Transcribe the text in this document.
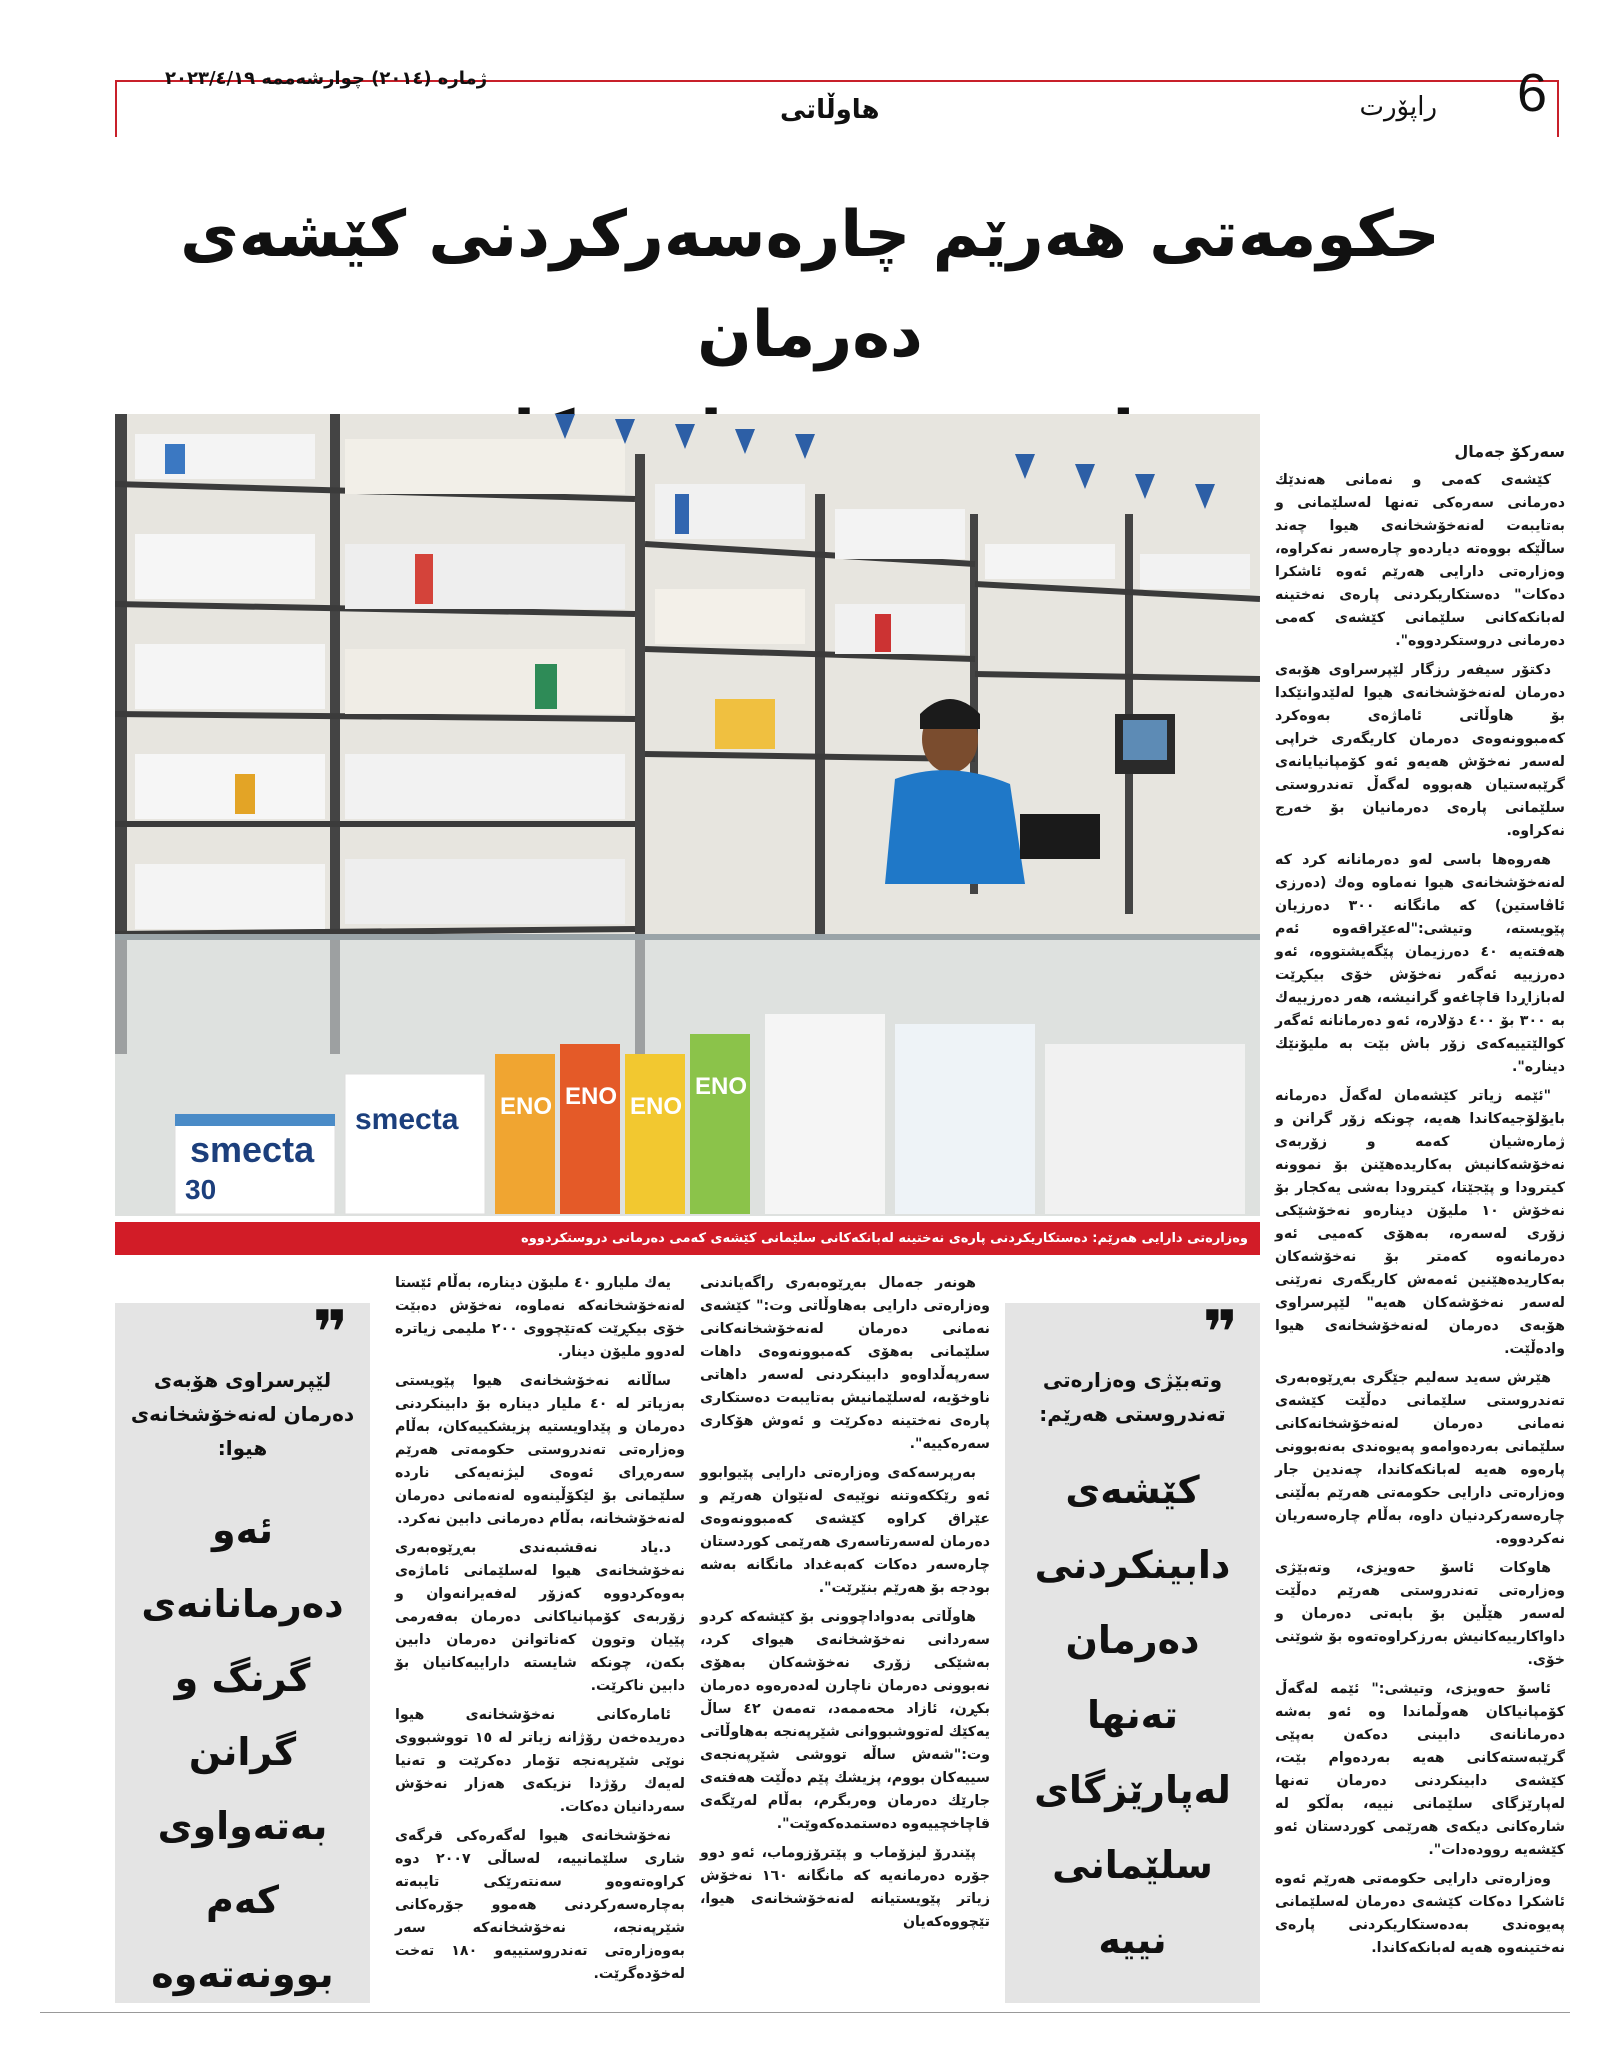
6
راپۆرت
هاوڵاتی
ژمارە (٢٠١٤) چوارشەممە ٢٠٢٣/٤/١٩
حکومەتی هەرێم چارەسەرکردنی کێشەی دەرمان
smecta
30
smecta ENO ENO ENO
ENO
وەزارەتی دارایی هەرێم: دەستکاریکردنی پارەی نەختینە لەبانکەکانی سلێمانی کێشەی کەمی دەرمانی دروستکردووە

سەرکۆ جەمال

کێشەی کەمی و نەمانی هەندێك دەرمانی سەرەکی تەنها لەسلێمانی و بەتایبەت لەنەخۆشخانەی هیوا چەند ساڵێکە بووەتە دیاردەو چارەسەر نەکراوە، وەزارەتی دارایی هەرێم ئەوە ئاشکرا دەکات" دەستکاریکردنی پارەی نەختینە لەبانکەکانی سلێمانی کێشەی کەمی دەرمانی دروستکردووە".

دکتۆر سیفەر رزگار لێپرسراوی هۆبەی دەرمان لەنەخۆشخانەی هیوا لەلێدوانێکدا بۆ هاوڵاتی ئاماژەی بەوەکرد کەمبوونەوەی دەرمان کاریگەری خراپی لەسەر نەخۆش هەیەو ئەو کۆمپانیایانەی گرێبەستیان هەبووە لەگەڵ تەندروستی سلێمانی پارەی دەرمانیان بۆ خەرج نەکراوە.

هەروەها باسی لەو دەرمانانە کرد کە لەنەخۆشخانەی هیوا نەماوە وەك (دەرزی ئاڤاستین) کە مانگانە ٣٠٠ دەرزیان پێویستە، وتیشی:"لەعێراقەوە ئەم هەفتەیە ٤٠ دەرزیمان پێگەیشتووە، ئەو دەرزییە ئەگەر نەخۆش خۆی بیکڕێت لەبازاڕدا قاچاغەو گرانیشە، هەر دەرزییەك بە ٣٠٠ بۆ ٤٠٠ دۆلارە، ئەو دەرمانانە ئەگەر کوالێتییەکەی زۆر باش بێت بە ملیۆنێك دینارە".

"ئێمە زیاتر کێشەمان لەگەڵ دەرمانە بایۆلۆجیەکاندا هەیە، چونکە زۆر گرانن و ژمارەشیان کەمە و زۆربەی نەخۆشەکانیش بەکاریدەهێنن بۆ نموونە کیترودا و پێجێتا، کیترودا بەشی یەکجار بۆ نەخۆش ١٠ ملیۆن دینارەو نەخۆشێکی زۆری لەسەرە، بەهۆی کەمیی ئەو دەرمانەوە کەمتر بۆ نەخۆشەکان بەکاریدەهێنین ئەمەش کاریگەری نەرێنی لەسەر نەخۆشەکان هەیە" لێپرسراوی هۆبەی دەرمان لەنەخۆشخانەی هیوا وادەڵێت.

هێرش سەید سەلیم جێگری بەڕێوەبەری تەندروستی سلێمانی دەڵێت کێشەی نەمانی دەرمان لەنەخۆشخانەکانی سلێمانی بەردەوامەو پەیوەندی بەنەبوونی پارەوە هەیە لەبانکەکاندا، چەندین جار وەزارەتی دارایی حکومەتی هەرێم بەڵێنی چارەسەرکردنیان داوە، بەڵام چارەسەریان نەکردووە.

هاوکات ئاسۆ حەویزی، وتەبێژی وەزارەتی تەندروستی هەرێم دەڵێت لەسەر هێڵین بۆ بابەتی دەرمان و داواکارییەکانیش بەرزکراوەتەوە بۆ شوێنی خۆی.

ئاسۆ حەویزی، وتیشی:" ئێمە لەگەڵ کۆمپانیاکان هەوڵماندا وە ئەو بەشە دەرمانانەی دابینی دەکەن بەپێی گرێبەستەکانی هەیە بەردەوام بێت، کێشەی دابینکردنی دەرمان تەنها لەپارێزگای سلێمانی نییە، بەڵکو لە شارەکانی دیکەی هەرێمی کوردستان ئەو کێشەیە روودەدات".

وەزارەتی دارایی حکومەتی هەرێم ئەوە ئاشکرا دەکات کێشەی دەرمان لەسلێمانی پەیوەندی بەدەستکاریکردنی پارەی نەختینەوە هەیە لەبانکەکاندا.

❞
وتەبێژی وەزارەتی تەندروستی هەرێم:
کێشەی
دابینکردنی
دەرمان
تەنها
لەپارێزگای
سلێمانی
نییە

هونەر جەمال بەڕێوەبەری راگەیاندنی وەزارەتی دارایی بەهاوڵاتی وت:" کێشەی نەمانی دەرمان لەنەخۆشخانەکانی سلێمانی بەهۆی کەمبوونەوەی داهات سەرپەڵداوەو دابینکردنی لەسەر داهاتی ناوخۆیە، لەسلێمانیش بەتایبەت دەستکاری پارەی نەختینە دەکرێت و ئەوش هۆکاری سەرەکییە".

بەرپرسەکەی وەزارەتی دارایی پێیوابوو ئەو رێککەوتنە نوێیەی لەنێوان هەرێم و عێراق کراوە کێشەی کەمبوونەوەی دەرمان لەسەرتاسەری هەرێمی کوردستان چارەسەر دەکات کەبەغداد مانگانە بەشە بودجە بۆ هەرێم بنێرێت".

هاوڵاتی بەدواداچوونی بۆ کێشەکە کردو سەردانی نەخۆشخانەی هیوای کرد، بەشێکی زۆری نەخۆشەکان بەهۆی نەبوونی دەرمان ناچارن لەدەرەوە دەرمان بکڕن، ئازاد محەممەد، تەمەن ٤٢ ساڵ یەکێك لەتووشبووانی شێرپەنجە بەهاوڵاتی وت:"شەش ساڵە تووشی شێرپەنجەی سییەکان بووم، پزیشك پێم دەڵێت هەفتەی جارێك دەرمان وەربگرم، بەڵام لەرێگەی قاچاخچییەوە دەستمدەکەوێت".

پێندرۆ لیزۆماب و پێترۆزوماب، ئەو دوو جۆرە دەرمانەیە کە مانگانە ١٦٠ نەخۆش زیاتر پێویستیانە لەنەخۆشخانەی هیوا، تێچووەکەیان

یەك ملیارو ٤٠ ملیۆن دینارە، بەڵام ئێستا لەنەخۆشخانەکە نەماوە، نەخۆش دەبێت خۆی بیکڕێت کەتێچووی ٢٠٠ ملیمی زیاترە لەدوو ملیۆن دینار.

ساڵانە نەخۆشخانەی هیوا پێویستی بەزیاتر لە ٤٠ ملیار دینارە بۆ دابینکردنی دەرمان و پێداویستیە پزیشکییەکان، بەڵام وەزارەتی تەندروستی حکومەتی هەرێم سەرەڕای ئەوەی لیژنەیەکی ناردە سلێمانی بۆ لێکۆڵینەوە لەنەمانی دەرمان لەنەخۆشخانە، بەڵام دەرمانی دابین نەکرد.

د.یاد نەقشبەندی بەڕێوەبەری نەخۆشخانەی هیوا لەسلێمانی ئاماژەی بەوەکردووە کەزۆر لەفەیرانەوان و زۆربەی کۆمپانیاکانی دەرمان بەفەرمی پێیان وتوون کەناتوانن دەرمان دابین بکەن، چونکە شایستە داراییەکانیان بۆ دابین ناکرێت.

ئامارەکانی نەخۆشخانەی هیوا دەریدەخەن رۆژانە زیاتر لە ١٥ تووشبووی نوێی شێرپەنجە تۆمار دەکرێت و تەنیا لەیەك رۆژدا نزیکەی هەزار نەخۆش سەردانیان دەکات.

نەخۆشخانەی هیوا لەگەرەکی قرگەی شاری سلێمانییە، لەساڵی ٢٠٠٧ دوە کراوەتەوەو سەنتەرێکی تایبەتە بەچارەسەرکردنی هەموو جۆرەکانی شێرپەنجە، نەخۆشخانەکە سەر بەوەزارەتی تەندروستییەو ١٨٠ تەخت لەخۆدەگرێت.

❞
لێپرسراوی هۆبەی دەرمان لەنەخۆشخانەی هیوا:
ئەو
دەرمانانەی
گرنگ و
گرانن
بەتەواوی
کەم
بوونەتەوە
